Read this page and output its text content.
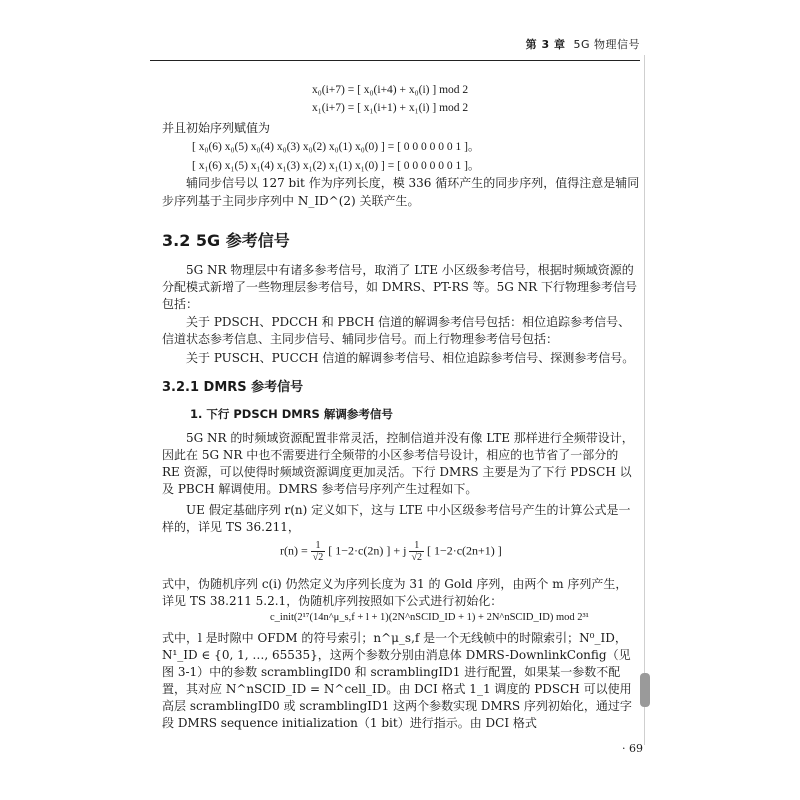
第 3 章 5G 物理信号
x₀(i+7) = [ x₀(i+4) + x₀(i) ] mod 2
x₁(i+7) = [ x₁(i+1) + x₁(i) ] mod 2
并且初始序列赋值为
[ x₀(6) x₀(5) x₀(4) x₀(3) x₀(2) x₀(1) x₀(0) ] = [ 0 0 0 0 0 0 1 ]。
[ x₁(6) x₁(5) x₁(4) x₁(3) x₁(2) x₁(1) x₁(0) ] = [ 0 0 0 0 0 0 1 ]。
辅同步信号以 127 bit 作为序列长度，模 336 循环产生的同步序列，值得注意是辅同
步序列基于主同步序列中 N_ID^(2) 关联产生。
3.2 5G 参考信号
5G NR 物理层中有诸多参考信号，取消了 LTE 小区级参考信号，根据时频域资源的分配模式新增了一些物理层参考信号，如 DMRS、PT-RS 等。5G NR 下行物理参考信号包括：
关于 PDSCH、PDCCH 和 PBCH 信道的解调参考信号包括：相位追踪参考信号、信道状态参考信息、主同步信号、辅同步信号。而上行物理参考信号包括：
关于 PUSCH、PUCCH 信道的解调参考信号、相位追踪参考信号、探测参考信号。
3.2.1 DMRS 参考信号
1. 下行 PDSCH DMRS 解调参考信号
5G NR 的时频域资源配置非常灵活，控制信道并没有像 LTE 那样进行全频带设计，因此在 5G NR 中也不需要进行全频带的小区参考信号设计，相应的也节省了一部分的 RE 资源，可以使得时频域资源调度更加灵活。下行 DMRS 主要是为了下行 PDSCH 以及 PBCH 解调使用。DMRS 参考信号序列产生过程如下。
UE 假定基础序列 r(n) 定义如下，这与 LTE 中小区级参考信号产生的计算公式是一样的，详见 TS 36.211，
$r(n) = \frac{1}{√2}$ [ 1−2·c(2n) ] + j $\frac{1}{√2}$ [ 1−2·c(2n+1) ]
式中，伪随机序列 c(i) 仍然定义为序列长度为 31 的 Gold 序列，由两个 m 序列产生，详见 TS 38.211 5.2.1，伪随机序列按照如下公式进行初始化：
c_init(2¹⁷(14n^μ_s,f + l + 1)(2N^nSCID_ID + 1) + 2N^nSCID_ID) mod 2³¹
式中，l 是时隙中 OFDM 的符号索引；n^μ_s,f 是一个无线帧中的时隙索引；N⁰_ID，N¹_ID ∈ {0, 1, …, 65535}，这两个参数分别由消息体 DMRS-DownlinkConfig（见图 3-1）中的参数 scramblingID0 和 scramblingID1 进行配置，如果某一参数不配置，其对应 N^nSCID_ID = N^cell_ID。由 DCI 格式 1_1 调度的 PDSCH 可以使用高层 scramblingID0 或 scramblingID1 这两个参数实现 DMRS 序列初始化，通过字段 DMRS sequence initialization（1 bit）进行指示。由 DCI 格式
· 69
